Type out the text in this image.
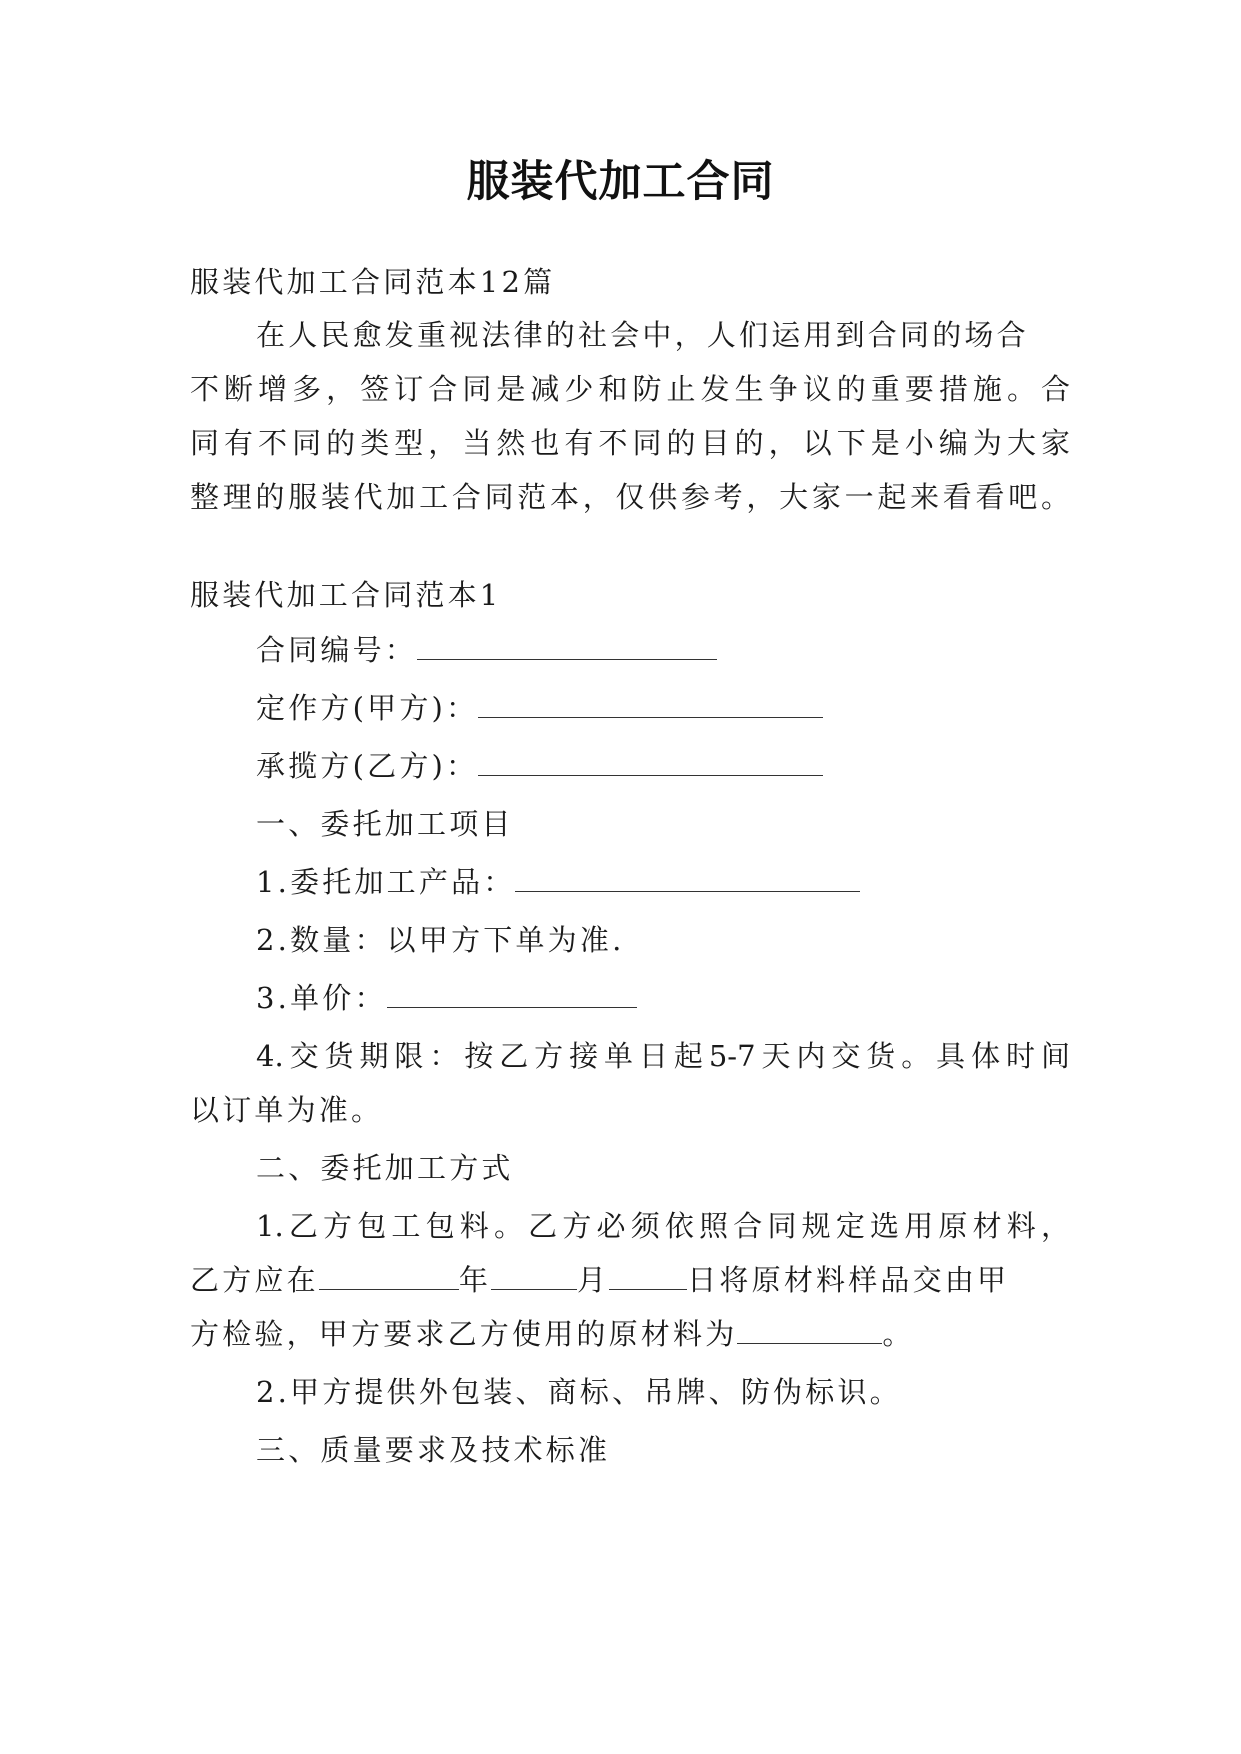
服装代加工合同
服装代加工合同范本12篇
在人民愈发重视法律的社会中，人们运用到合同的场合
不断增多，签订合同是减少和防止发生争议的重要措施。合
同有不同的类型，当然也有不同的目的，以下是小编为大家
整理的服装代加工合同范本，仅供参考，大家一起来看看吧。
服装代加工合同范本1
合同编号：
定作方(甲方)：
承揽方(乙方)：
一、委托加工项目
1.委托加工产品：
2.数量：以甲方下单为准.
3.单价：
4.交货期限：按乙方接单日起5-7天内交货。具体时间
以订单为准。
二、委托加工方式
1.乙方包工包料。乙方必须依照合同规定选用原材料，
乙方应在	年	月	日将原材料样品交由甲
方检验，甲方要求乙方使用的原材料为	。
2.甲方提供外包装、商标、吊牌、防伪标识。
三、质量要求及技术标准
